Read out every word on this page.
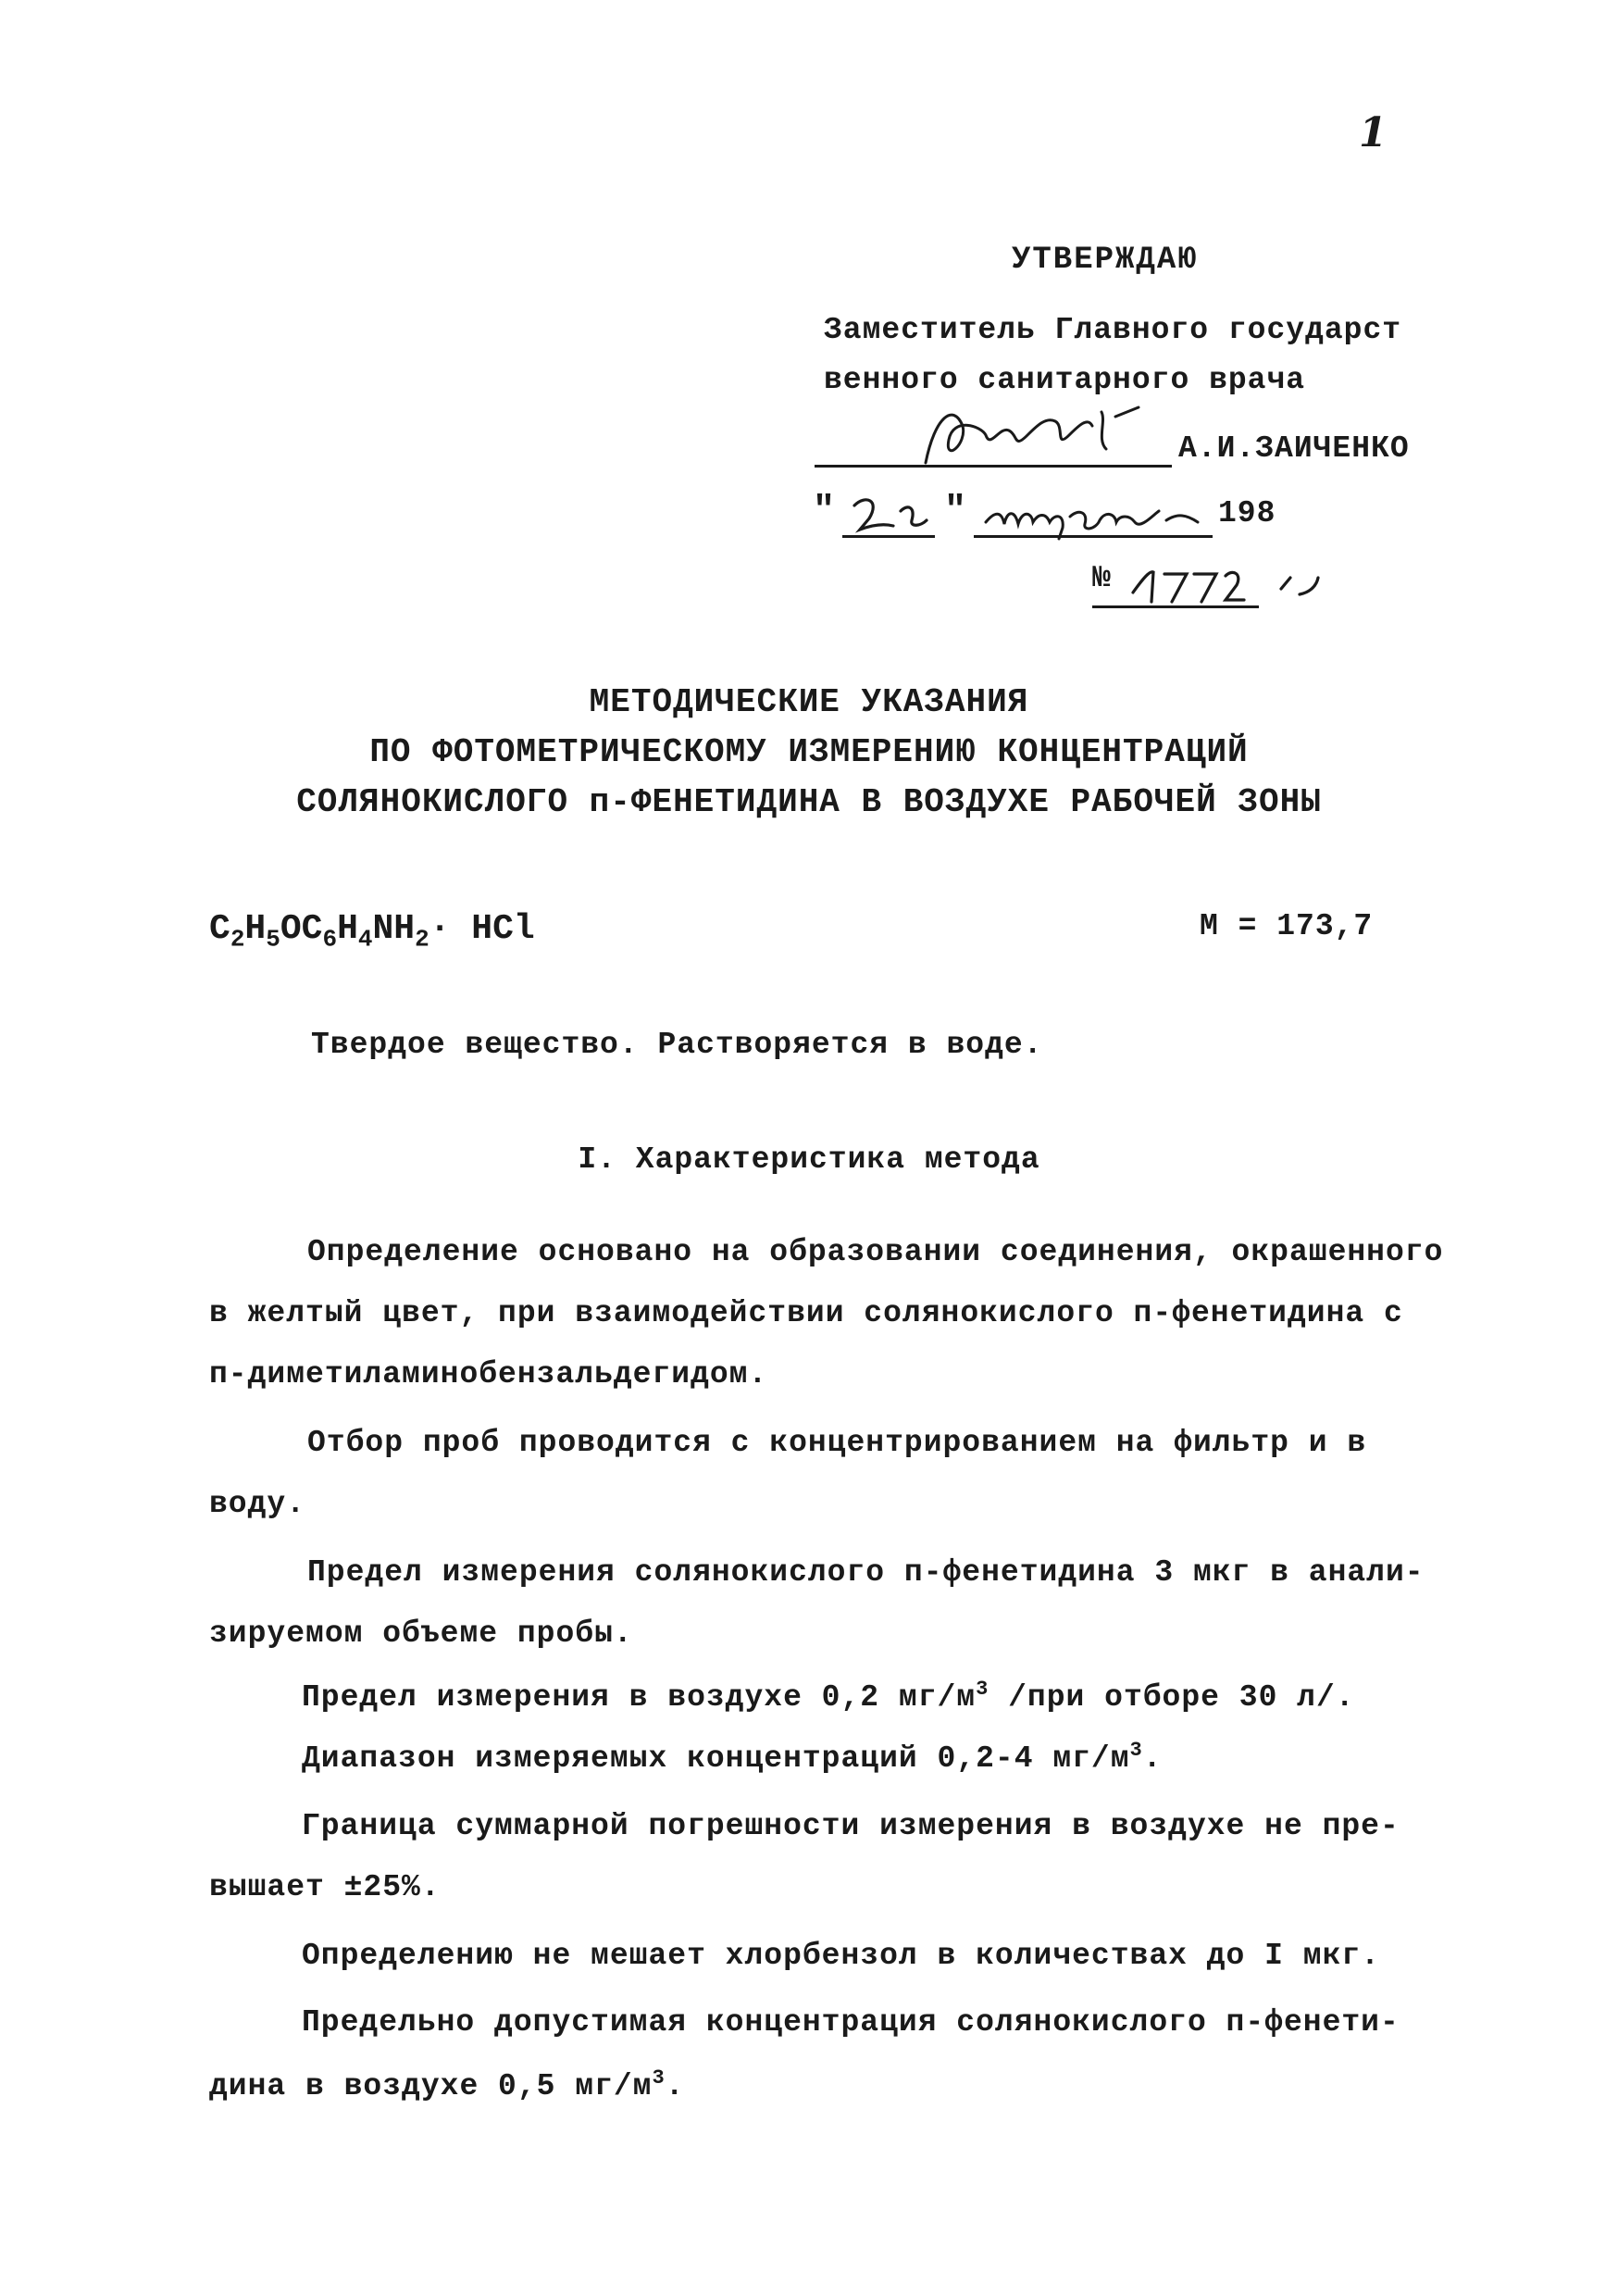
1
УТВЕРЖДАЮ
Заместитель Главного государст
венного санитарного врача
А.И.ЗАИЧЕНКО
"	"	198
№
МЕТОДИЧЕСКИЕ УКАЗАНИЯ
ПО ФОТОМЕТРИЧЕСКОМУ ИЗМЕРЕНИЮ КОНЦЕНТРАЦИЙ
СОЛЯНОКИСЛОГО п-ФЕНЕТИДИНА В ВОЗДУХЕ РАБОЧЕЙ ЗОНЫ
$C_2H_5OC_6H_4NH_2\cdot$ HCl	M = 173,7
Твердое вещество. Растворяется в воде.
I. Характеристика метода
Определение основано на образовании соединения, окрашенного
в желтый цвет, при взаимодействии солянокислого п-фенетидина с
п-диметиламинобензальдегидом.
Отбор проб проводится с концентрированием на фильтр и в
воду.
Предел измерения солянокислого п-фенетидина 3 мкг в анали-
зируемом объеме пробы.
Предел измерения в воздухе 0,2 $мг/м^3$ /при отборе 30 л/.
Диапазон измеряемых концентраций 0,2-4 $мг/м^3$.
Граница суммарной погрешности измерения в воздухе не пре-
вышает ±25%.
Определению не мешает хлорбензол в количествах до I мкг.
Предельно допустимая концентрация солянокислого п-фенети-
дина в воздухе 0,5 $мг/м^3$.
